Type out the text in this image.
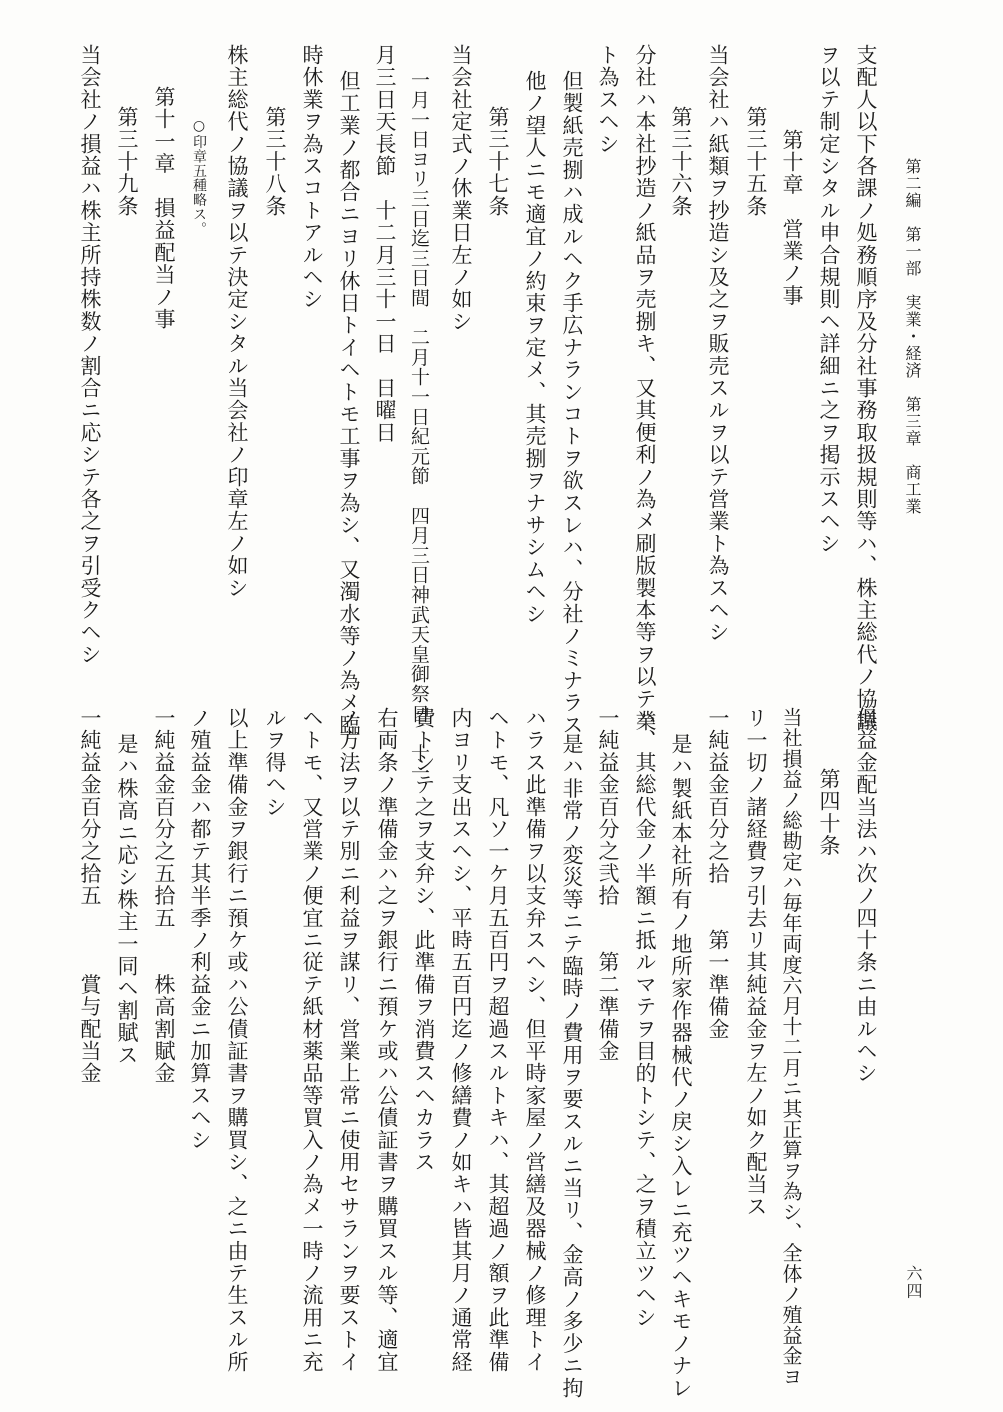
第二編　第一部　実業・経済　第三章　商工業
六四
支配人以下各課ノ処務順序及分社事務取扱規則等ハ、株主総代ノ協議
ヲ以テ制定シタル申合規則ヘ詳細ニ之ヲ掲示スヘシ
第十章　営業ノ事
第三十五条
当会社ハ紙類ヲ抄造シ及之ヲ販売スルヲ以テ営業ト為スヘシ
第三十六条
分社ハ本社抄造ノ紙品ヲ売捌キ、又其便利ノ為メ刷版製本等ヲ以テ業
ト為スヘシ
但製紙売捌ハ成ルヘク手広ナランコトヲ欲スレハ、分社ノミナラス
他ノ望人ニモ適宜ノ約束ヲ定メ、其売捌ヲナサシムヘシ
第三十七条
当会社定式ノ休業日左ノ如シ
一月一日ヨリ三日迄三日間　二月十一日紀元節　四月三日神武天皇御祭日　十一
月三日天長節　十二月三十一日　日曜日
但工業ノ都合ニヨリ休日トイヘトモ工事ヲ為シ、又濁水等ノ為メ臨
時休業ヲ為スコトアルヘシ
第三十八条
株主総代ノ協議ヲ以テ決定シタル当会社ノ印章左ノ如シ
○印章五種略ス。
第十一章　損益配当ノ事
第三十九条
当会社ノ損益ハ株主所持株数ノ割合ニ応シテ各之ヲ引受クヘシ
但益金配当法ハ次ノ四十条ニ由ルヘシ
第四十条
当社損益ノ総勘定ハ毎年両度六月十二月ニ其正算ヲ為シ、全体ノ殖益金ヨ
リ一切ノ諸経費ヲ引去リ其純益金ヲ左ノ如ク配当ス
一純益金百分之拾　　第一準備金
是ハ製紙本社所有ノ地所家作器械代ノ戻シ入レニ充ツヘキモノナレ
ハ、其総代金ノ半額ニ抵ルマテヲ目的トシテ、之ヲ積立ツヘシ
一純益金百分之弐拾　　第二準備金
是ハ非常ノ変災等ニテ臨時ノ費用ヲ要スルニ当リ、金高ノ多少ニ拘
ハラス此準備ヲ以支弁スヘシ、但平時家屋ノ営繕及器械ノ修理トイ
ヘトモ、凡ソ一ケ月五百円ヲ超過スルトキハ、其超過ノ額ヲ此準備
内ヨリ支出スヘシ、平時五百円迄ノ修繕費ノ如キハ皆其月ノ通常経
費トシテ之ヲ支弁シ、此準備ヲ消費スヘカラス
右両条ノ準備金ハ之ヲ銀行ニ預ケ或ハ公債証書ヲ購買スル等、適宜
ノ方法ヲ以テ別ニ利益ヲ謀リ、営業上常ニ使用セサランヲ要ストイ
ヘトモ、又営業ノ便宜ニ従テ紙材薬品等買入ノ為メ一時ノ流用ニ充
ルヲ得ヘシ
以上準備金ヲ銀行ニ預ケ或ハ公債証書ヲ購買シ、之ニ由テ生スル所
ノ殖益金ハ都テ其半季ノ利益金ニ加算スヘシ
一純益金百分之五拾五　　株高割賦金
是ハ株高ニ応シ株主一同ヘ割賦ス
一純益金百分之拾五　　　賞与配当金
